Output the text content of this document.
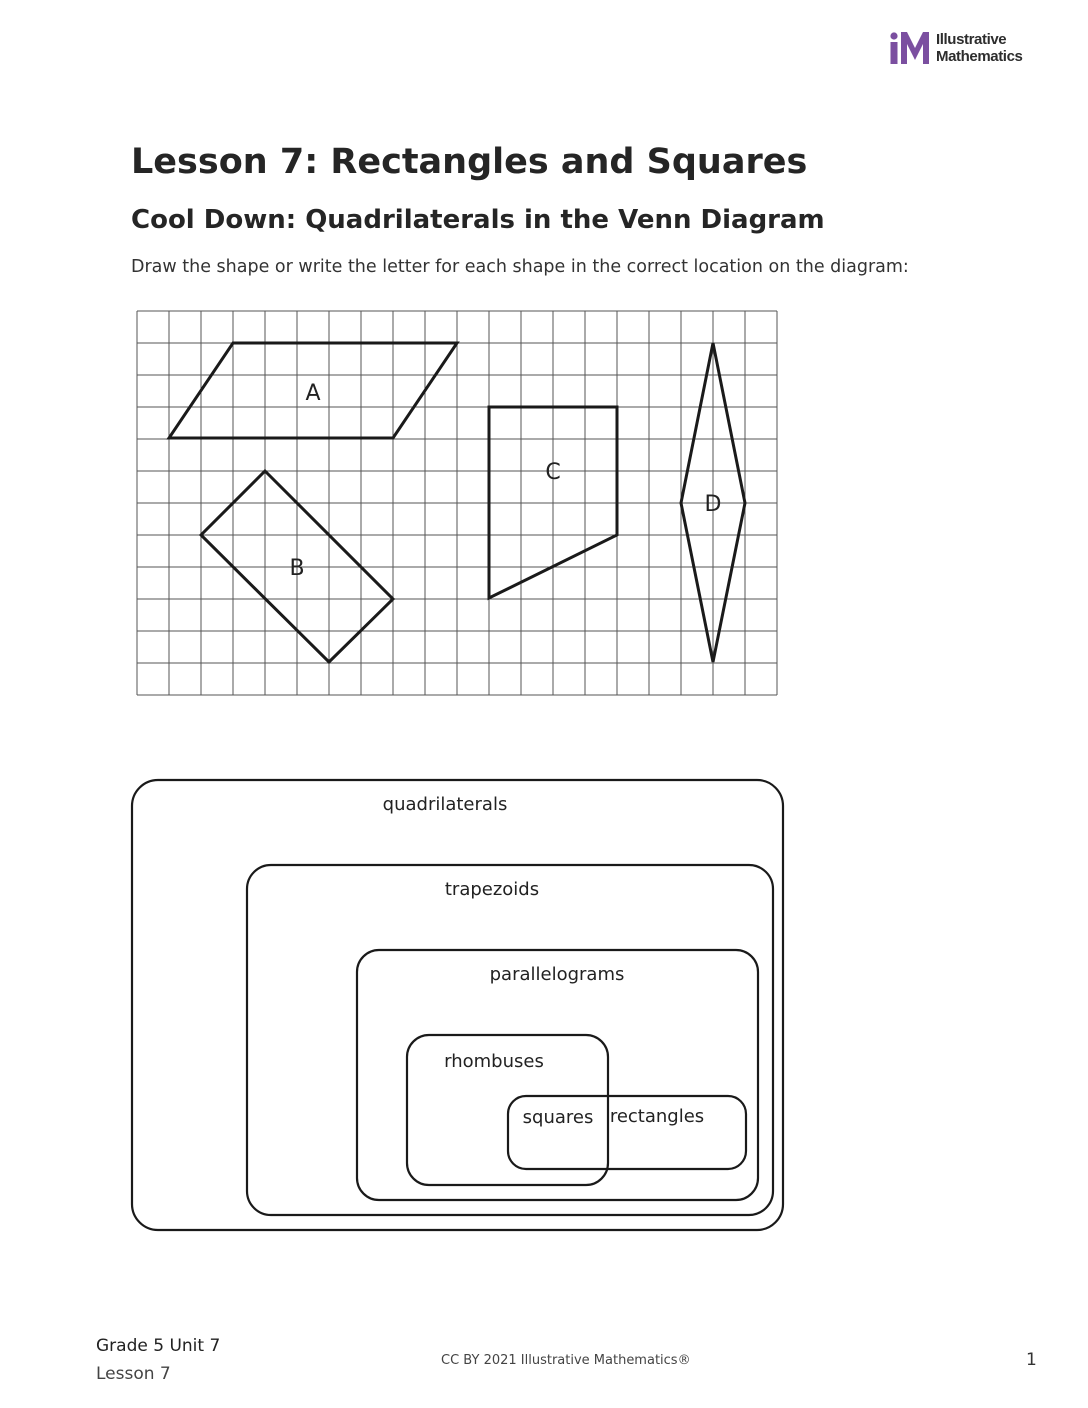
Illustrative
Mathematics
Lesson 7: Rectangles and Squares
Cool Down: Quadrilaterals in the Venn Diagram

Draw the shape or write the letter for each shape in the correct location on the diagram:

A
B
C
D
quadrilaterals
trapezoids
parallelograms
rhombuses
squares rectangles
Grade 5 Unit 7
Lesson 7
CC BY 2021 Illustrative Mathematics®	1
